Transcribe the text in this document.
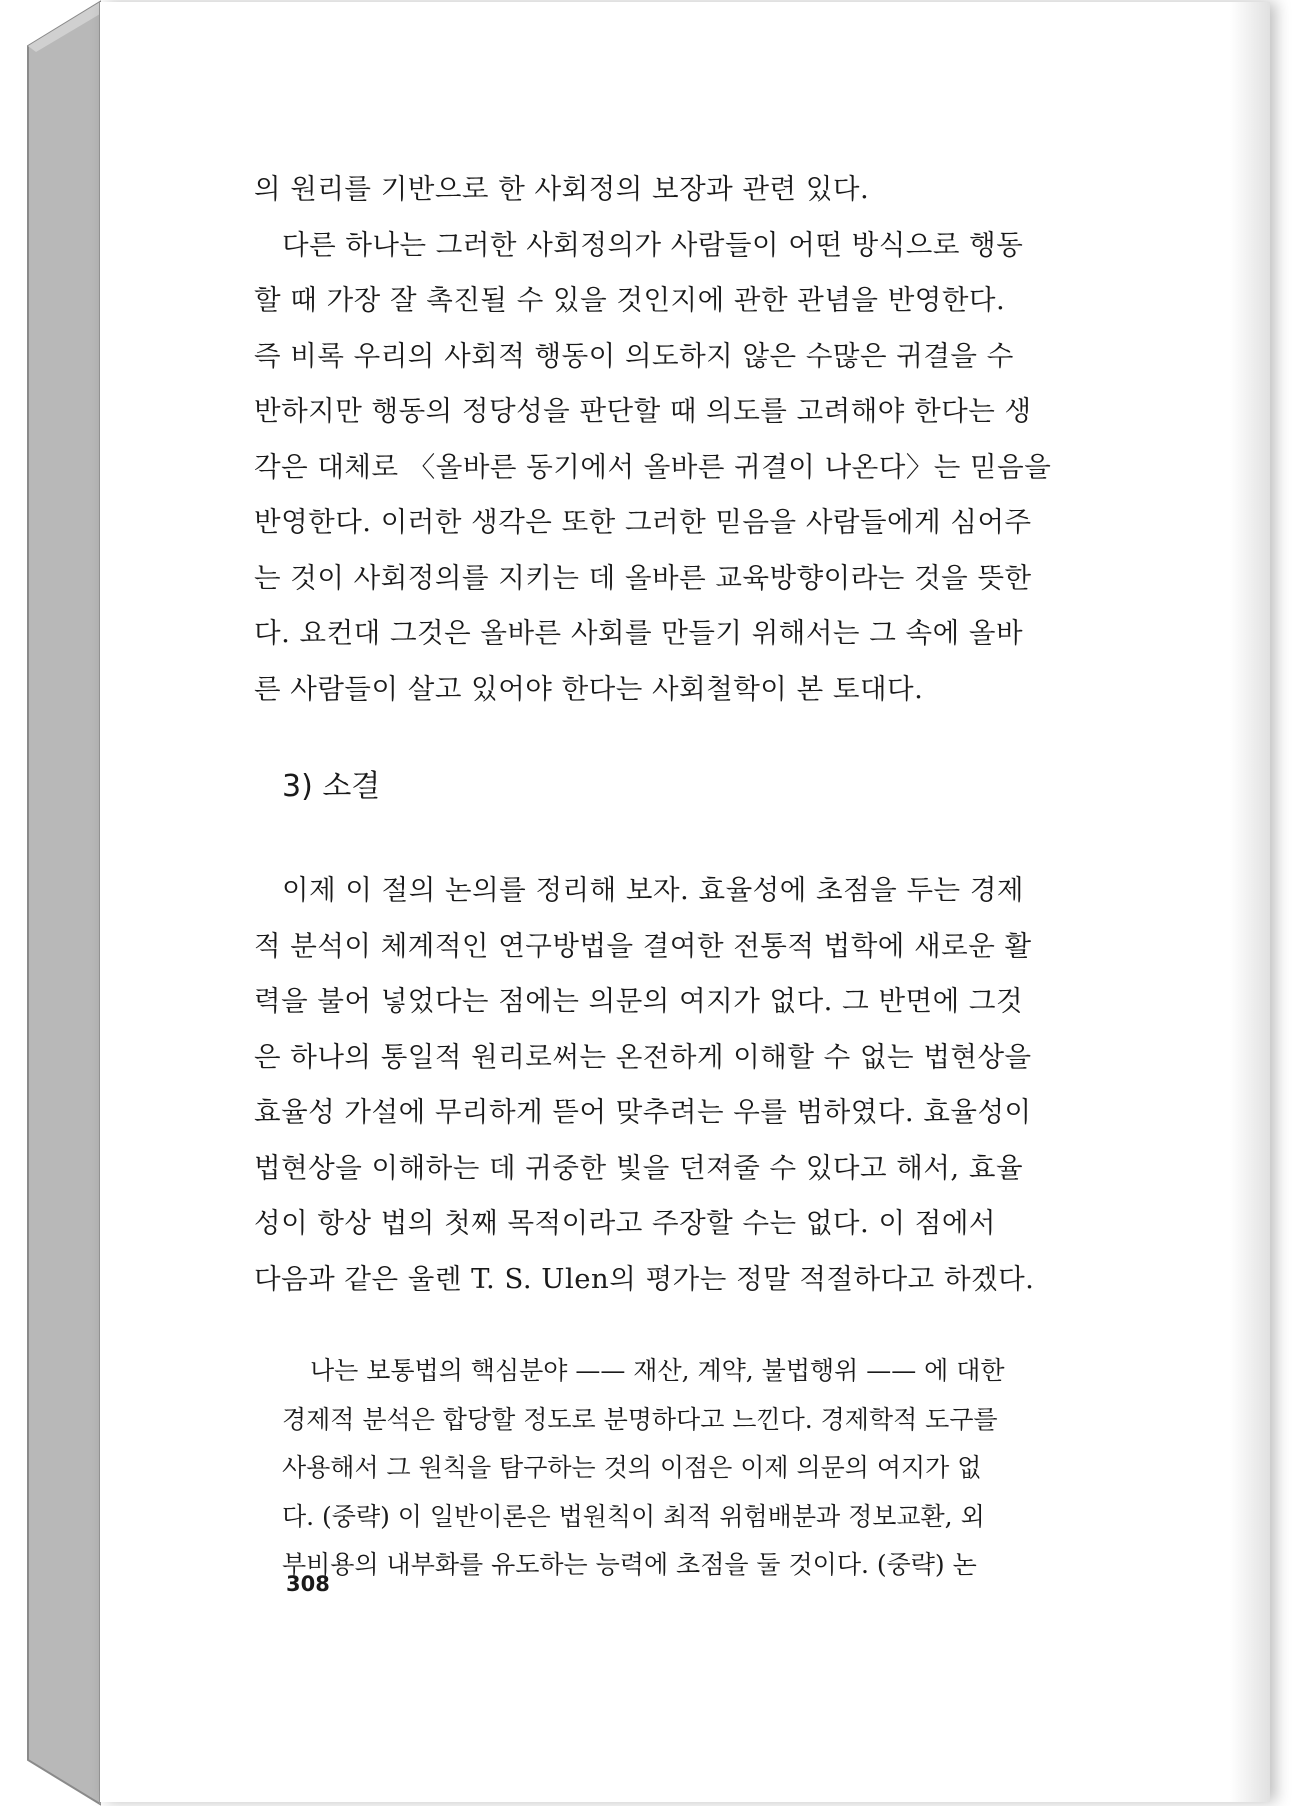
의 원리를 기반으로 한 사회정의 보장과 관련 있다.
다른 하나는 그러한 사회정의가 사람들이 어떤 방식으로 행동
할 때 가장 잘 촉진될 수 있을 것인지에 관한 관념을 반영한다.
즉 비록 우리의 사회적 행동이 의도하지 않은 수많은 귀결을 수
반하지만 행동의 정당성을 판단할 때 의도를 고려해야 한다는 생
각은 대체로 〈올바른 동기에서 올바른 귀결이 나온다〉는 믿음을
반영한다. 이러한 생각은 또한 그러한 믿음을 사람들에게 심어주
는 것이 사회정의를 지키는 데 올바른 교육방향이라는 것을 뜻한
다. 요컨대 그것은 올바른 사회를 만들기 위해서는 그 속에 올바
른 사람들이 살고 있어야 한다는 사회철학이 본 토대다.
3) 소결
이제 이 절의 논의를 정리해 보자. 효율성에 초점을 두는 경제
적 분석이 체계적인 연구방법을 결여한 전통적 법학에 새로운 활
력을 불어 넣었다는 점에는 의문의 여지가 없다. 그 반면에 그것
은 하나의 통일적 원리로써는 온전하게 이해할 수 없는 법현상을
효율성 가설에 무리하게 뜯어 맞추려는 우를 범하였다. 효율성이
법현상을 이해하는 데 귀중한 빛을 던져줄 수 있다고 해서, 효율
성이 항상 법의 첫째 목적이라고 주장할 수는 없다. 이 점에서
다음과 같은 울렌 T. S. Ulen의 평가는 정말 적절하다고 하겠다.
나는 보통법의 핵심분야 —— 재산, 계약, 불법행위 —— 에 대한
경제적 분석은 합당할 정도로 분명하다고 느낀다. 경제학적 도구를
사용해서 그 원칙을 탐구하는 것의 이점은 이제 의문의 여지가 없
다. (중략) 이 일반이론은 법원칙이 최적 위험배분과 정보교환, 외
부비용의 내부화를 유도하는 능력에 초점을 둘 것이다. (중략) 논
308
